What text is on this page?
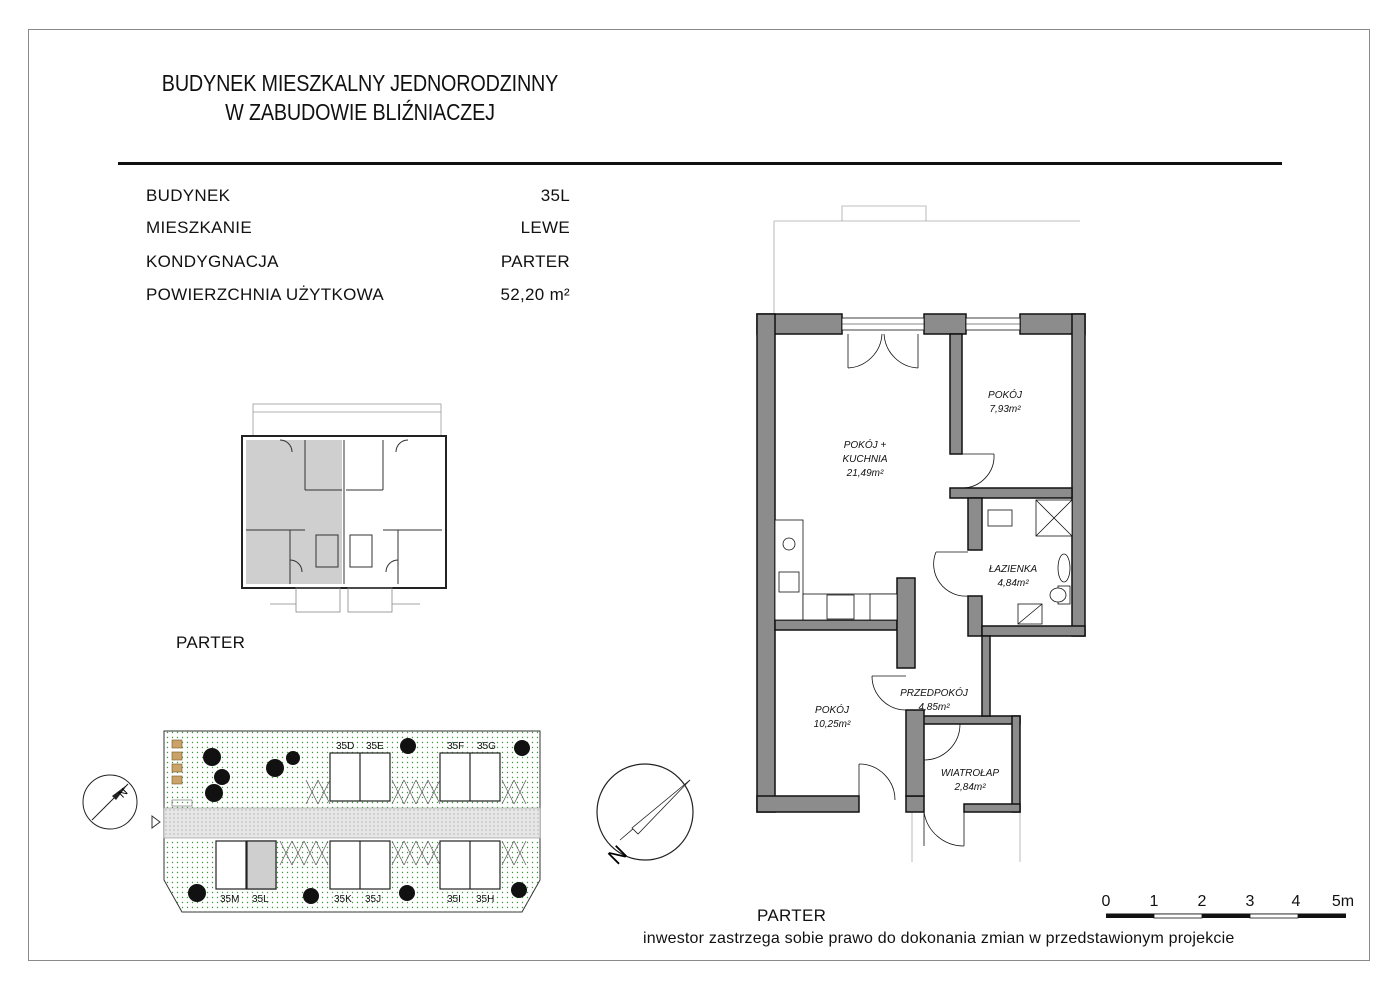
BUDYNEK MIESZKALNY JEDNORODZINNY
W ZABUDOWIE BLIŹNIACZEJ
BUDYNEK	35L
MIESZKANIE	LEWE
KONDYGNACJA	PARTER
POWIERZCHNIA UŻYTKOWA	52,20 m²
PARTER
PARTER
inwestor zastrzega sobie prawo do dokonania zmian w przedstawionym projekcie
35D 35E	35F 35G
35M 35L	35K 35J	35I 35H
N
N
POKÓJ
7,93m²
POKÓJ +
KUCHNIA
21,49m²
ŁAZIENKA
4,84m²
PRZEDPOKÓJ
4,85m²
POKÓJ
10,25m²
WIATROŁAP
2,84m²
0 1 2 3 4 5m
